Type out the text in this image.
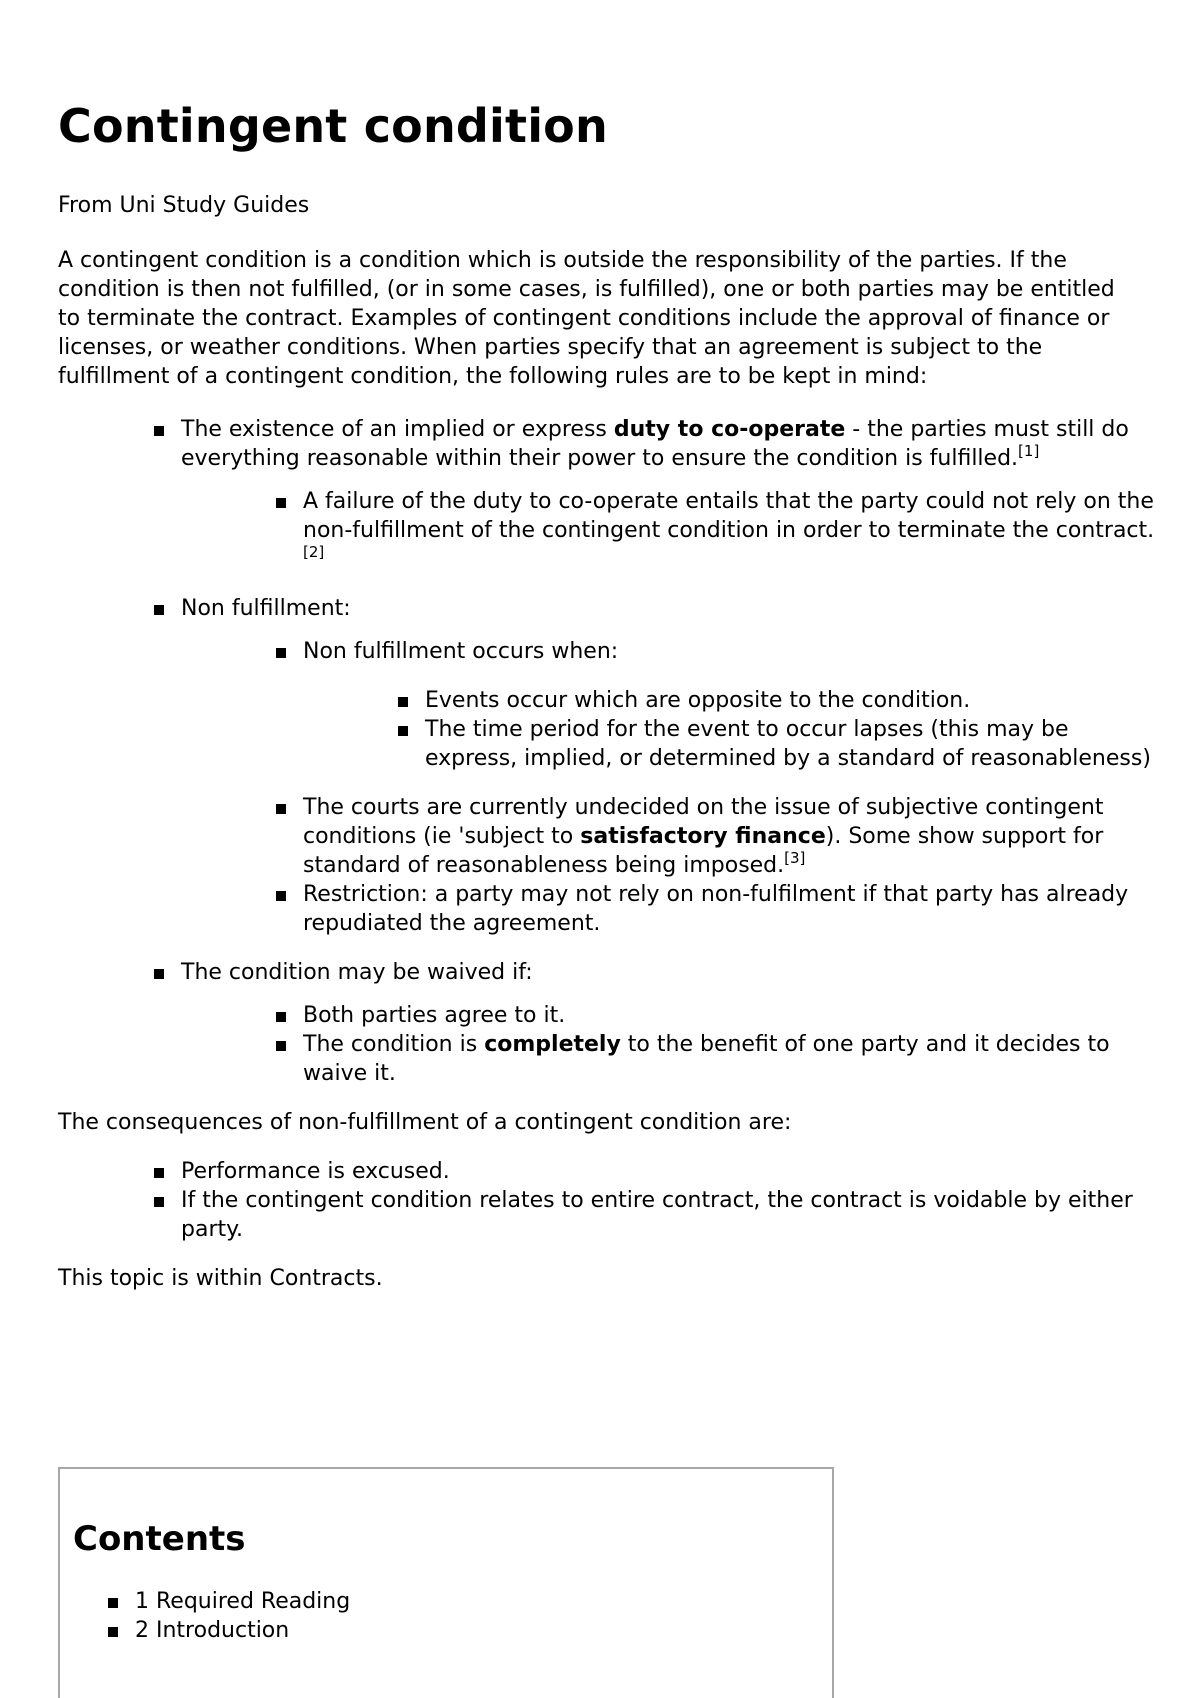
Contingent condition

From Uni Study Guides

A contingent condition is a condition which is outside the responsibility of the parties. If the condition is then not fulfilled, (or in some cases, is fulfilled), one or both parties may be entitled to terminate the contract. Examples of contingent conditions include the approval of finance or licenses, or weather conditions. When parties specify that an agreement is subject to the fulfillment of a contingent condition, the following rules are to be kept in mind:

The existence of an implied or express duty to co-operate - the parties must still do everything reasonable within their power to ensure the condition is fulfilled.[1]
A failure of the duty to co-operate entails that the party could not rely on the non-fulfillment of the contingent condition in order to terminate the contract.[2]
Non fulfillment:
Non fulfillment occurs when:
Events occur which are opposite to the condition.
The time period for the event to occur lapses (this may be express, implied, or determined by a standard of reasonableness)
The courts are currently undecided on the issue of subjective contingent conditions (ie 'subject to satisfactory finance). Some show support for standard of reasonableness being imposed.[3]
Restriction: a party may not rely on non-fulfilment if that party has already repudiated the agreement.
The condition may be waived if:
Both parties agree to it.
The condition is completely to the benefit of one party and it decides to waive it.

The consequences of non-fulfillment of a contingent condition are:

Performance is excused.
If the contingent condition relates to entire contract, the contract is voidable by either party.

This topic is within Contracts.

Contents
1 Required Reading
2 Introduction
